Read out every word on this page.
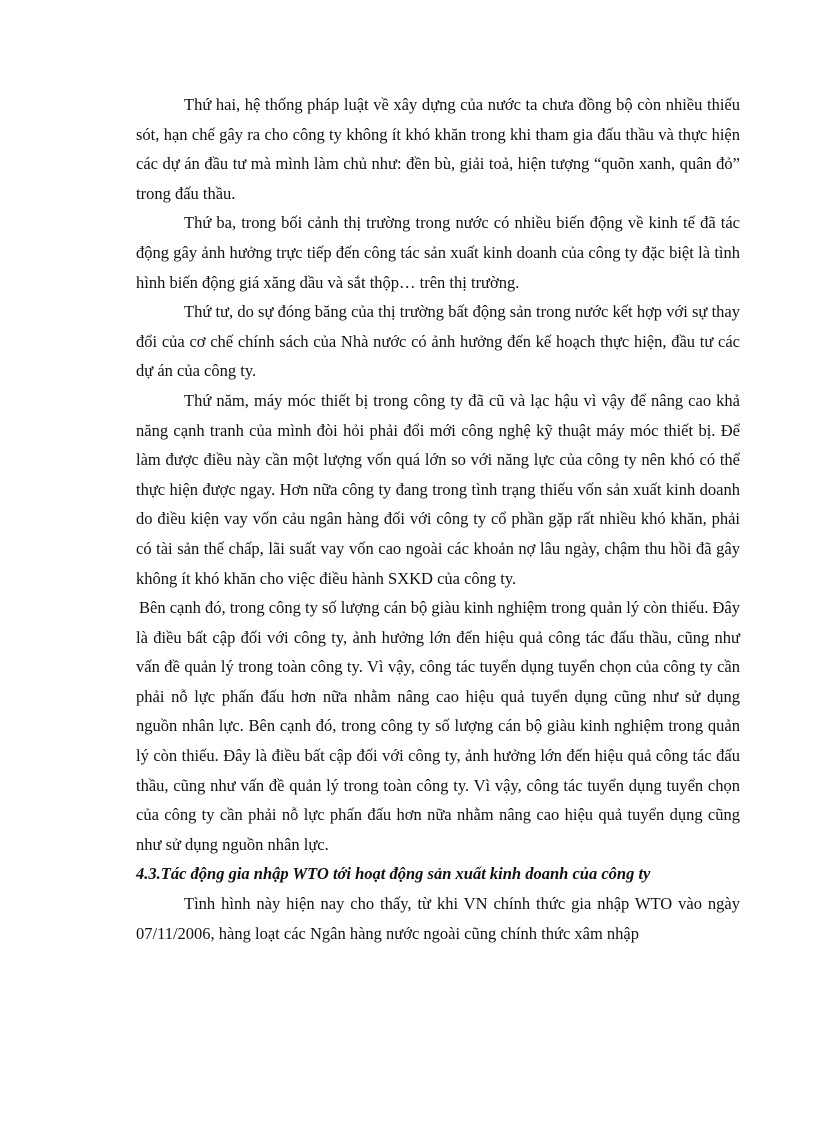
Thứ hai, hệ thống pháp luật về xây dựng của nước ta chưa đồng bộ còn nhiều thiếu sót, hạn chế gây ra cho công ty không ít khó khăn trong khi tham gia đấu thầu và thực hiện các dự án đầu tư mà mình làm chủ như: đền bù, giải toả, hiện tượng “quõn xanh, quân đỏ” trong đấu thầu.

Thứ ba, trong bối cảnh thị trường trong nước có nhiều biến động về kinh tế đã tác động gây ảnh hưởng trực tiếp đến công tác sản xuất kinh doanh của công ty đặc biệt là tình hình biến động giá xăng dầu và sắt thộp… trên thị trường.

Thứ tư, do sự đóng băng của thị trường bất động sản trong nước kết hợp với sự thay đổi của cơ chế chính sách của Nhà nước có ảnh hưởng đến kế hoạch thực hiện, đầu tư các dự án của công ty.

Thứ năm, máy móc thiết bị trong công ty đã cũ và lạc hậu vì vậy để nâng cao khả năng cạnh tranh của mình đòi hỏi phải đổi mới công nghệ kỹ thuật máy móc thiết bị. Để làm được điều này cần một lượng vốn quá lớn so với năng lực của công ty nên khó có thể thực hiện được ngay. Hơn nữa công ty đang trong tình trạng thiếu vốn sản xuất kinh doanh do điều kiện vay vốn cảu ngân hàng đối với công ty cổ phần gặp rất nhiều khó khăn, phải có tài sản thế chấp, lãi suất vay vốn cao ngoài các khoản nợ lâu ngày, chậm thu hồi đã gây không ít khó khăn cho việc điều hành SXKD của công ty.

Bên cạnh đó, trong công ty số lượng cán bộ giàu kinh nghiệm trong quản lý còn thiếu. Đây là điều bất cập đối với công ty, ảnh hưởng lớn đến hiệu quả công tác đấu thầu, cũng như vấn đề quản lý trong toàn công ty. Vì vậy, công tác tuyển dụng tuyển chọn của công ty cần phải nỗ lực phấn đấu hơn nữa nhằm nâng cao hiệu quả tuyển dụng cũng như sử dụng nguồn nhân lực. Bên cạnh đó, trong công ty số lượng cán bộ giàu kinh nghiệm trong quản lý còn thiếu. Đây là điều bất cập đối với công ty, ảnh hưởng lớn đến hiệu quả công tác đấu thầu, cũng như vấn đề quản lý trong toàn công ty. Vì vậy, công tác tuyển dụng tuyển chọn của công ty cần phải nỗ lực phấn đấu hơn nữa nhằm nâng cao hiệu quả tuyển dụng cũng như sử dụng nguồn nhân lực.

4.3.Tác động gia nhập WTO tới hoạt động sản xuất kinh doanh của công ty

Tình hình này hiện nay cho thấy, từ khi VN chính thức gia nhập WTO vào ngày 07/11/2006, hàng loạt các Ngân hàng nước ngoài cũng chính thức xâm nhập
